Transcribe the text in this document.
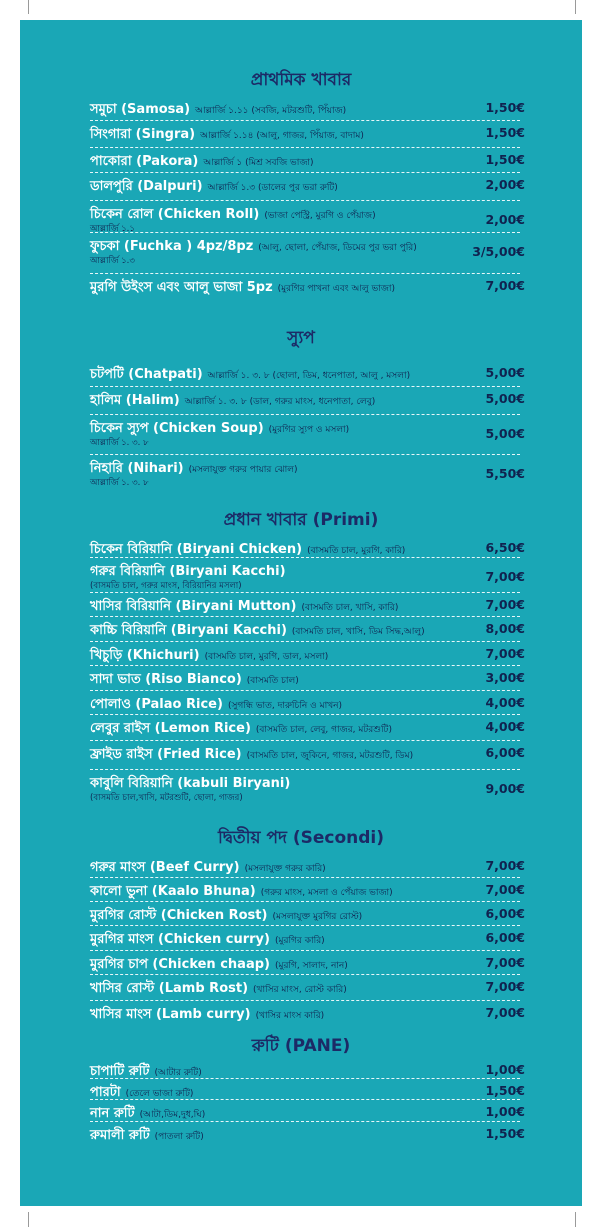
প্রাথমিক খাবার
সমুচা (Samosa) আল্লার্জি ১.১১ (সবজি, মটরশুটি, পিঁয়াজ)	1,50€
সিংগারা (Singra) আল্লার্জি ১.১৪ (আলু, গাজর, পিঁয়াজ, বাদাম)	1,50€
পাকোরা (Pakora) আল্লার্জি ১ (মিশ্র সবজি ভাজা)	1,50€
ডালপুরি (Dalpuri) আল্লার্জি ১.৩ (ডালের পুর ভরা রুটি)	2,00€
চিকেন রোল (Chicken Roll) (ভাজা পেস্ট্রি, মুরগি ও পেঁয়াজ)	2,00€
আল্লার্জি ১.১
ফুচকা (Fuchka ) 4pz/8pz (আলু, ছোলা, পেঁয়াজ, ডিমের পুর ভরা পুরি)	3/5,00€
আল্লার্জি ১.৩
মুরগি উইংস এবং আলু ভাজা 5pz (মুরগির পাখনা এবং আলু ভাজা)	7,00€
স্যুপ
চটপটি (Chatpati) আল্লার্জি ১. ৩. ৮ (ছোলা, ডিম, ধনেপাতা, আলু , মসলা)	5,00€
হালিম (Halim) আল্লার্জি ১. ৩. ৮ (ডাল, গরুর মাংস, ধনেপাতা, লেবু)	5,00€
চিকেন স্যুপ (Chicken Soup) (মুরগির স্যুপ ও মসলা)	5,00€
আল্লার্জি ১. ৩. ৮
নিহারি (Nihari) (মসলাযুক্ত গরুর পায়ার ঝোল)	5,50€
আল্লার্জি ১. ৩. ৮
প্রধান খাবার (Primi)
চিকেন বিরিয়ানি (Biryani Chicken) (বাসমতি চাল, মুরগি, কারি)	6,50€
গরুর বিরিয়ানি (Biryani Kacchi)	7,00€
(বাসমতি চাল, গরুর মাংস, বিরিয়ানির মসলা)
খাসির বিরিয়ানি (Biryani Mutton) (বাসমতি চাল, খাসি, কারি)	7,00€
কাচ্চি বিরিয়ানি (Biryani Kacchi) (বাসমতি চাল, খাসি, ডিম সিদ্ধ,আলু)	8,00€
খিচুড়ি (Khichuri) (বাসমতি চাল, মুরগি, ডাল, মসলা)	7,00€
সাদা ভাত (Riso Bianco) (বাসমতি চাল)	3,00€
পোলাও (Palao Rice) (সুগন্ধি ভাত, দারুচিনি ও মাখন)	4,00€
লেবুর রাইস (Lemon Rice) (বাসমতি চাল, লেবু, গাজর, মটরশুটি)	4,00€
ফ্রাইড রাইস (Fried Rice) (বাসমতি চাল, জুকিনে, গাজর, মটরশুটি, ডিম)	6,00€
কাবুলি বিরিয়ানি (kabuli Biryani)	9,00€
(বাসমতি চাল,খাসি, মটরশুটি, ছোলা, গাজর)
দ্বিতীয় পদ (Secondi)
গরুর মাংস (Beef Curry) (মসলাযুক্ত গরুর কারি)	7,00€
কালো ভুনা (Kaalo Bhuna) (গরুর মাংস, মসলা ও পেঁয়াজ ভাজা)	7,00€
মুরগির রোস্ট (Chicken Rost) (মসলাযুক্ত মুরগির রোস্ট)	6,00€
মুরগির মাংস (Chicken curry) (মুরগির কারি)	6,00€
মুরগির চাপ (Chicken chaap) (মুরগি, সালাদ, নান)	7,00€
খাসির রোস্ট (Lamb Rost) (খাসির মাংস, রোস্ট কারি)	7,00€
খাসির মাংস (Lamb curry) (খাসির মাংস কারি)	7,00€
রুটি (PANE)
চাপাটি রুটি (আটার রুটি)	1,00€
পারটা (তেলে ভাজা রুটি)	1,50€
নান রুটি (আটা,ডিম,দুধ,ঘি)	1,00€
রুমালী রুটি (পাতলা রুটি)	1,50€
